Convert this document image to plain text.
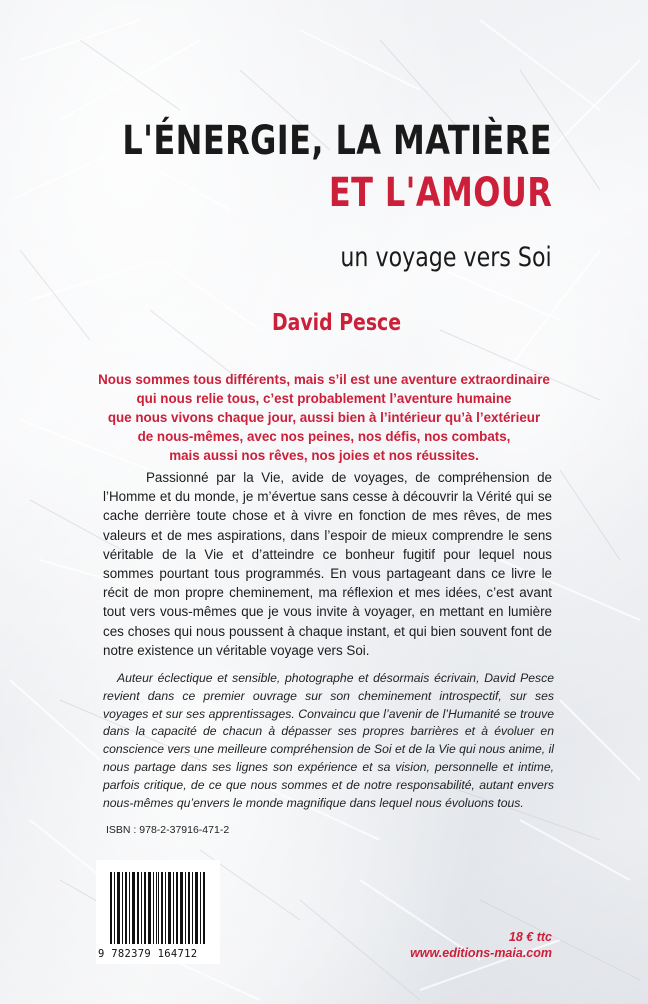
L'ÉNERGIE, LA MATIÈRE
ET L'AMOUR
un voyage vers Soi
David Pesce
Nous sommes tous différents, mais s’il est une aventure extraordinaire
qui nous relie tous, c’est probablement l’aventure humaine
que nous vivons chaque jour, aussi bien à l’intérieur qu’à l’extérieur
de nous-mêmes, avec nos peines, nos défis, nos combats,
mais aussi nos rêves, nos joies et nos réussites.

Passionné par la Vie, avide de voyages, de compréhension de l’Homme et du monde, je m’évertue sans cesse à découvrir la Vérité qui se cache derrière toute chose et à vivre en fonction de mes rêves, de mes valeurs et de mes aspirations, dans l’espoir de mieux comprendre le sens véritable de la Vie et d’atteindre ce bonheur fugitif pour lequel nous sommes pourtant tous programmés. En vous partageant dans ce livre le récit de mon propre cheminement, ma réflexion et mes idées, c’est avant tout vers vous-mêmes que je vous invite à voyager, en mettant en lumière ces choses qui nous poussent à chaque instant, et qui bien souvent font de notre existence un véritable voyage vers Soi.

Auteur éclectique et sensible, photographe et désormais écrivain, David Pesce revient dans ce premier ouvrage sur son cheminement introspectif, sur ses voyages et sur ses apprentissages. Convaincu que l’avenir de l’Humanité se trouve dans la capacité de chacun à dépasser ses propres barrières et à évoluer en conscience vers une meilleure compréhension de Soi et de la Vie qui nous anime, il nous partage dans ses lignes son expérience et sa vision, personnelle et intime, parfois critique, de ce que nous sommes et de notre responsabilité, autant envers nous-mêmes qu’envers le monde magnifique dans lequel nous évoluons tous.

ISBN : 978-2-37916-471-2
9 782379 164712
18 € ttc
www.editions-maia.com
